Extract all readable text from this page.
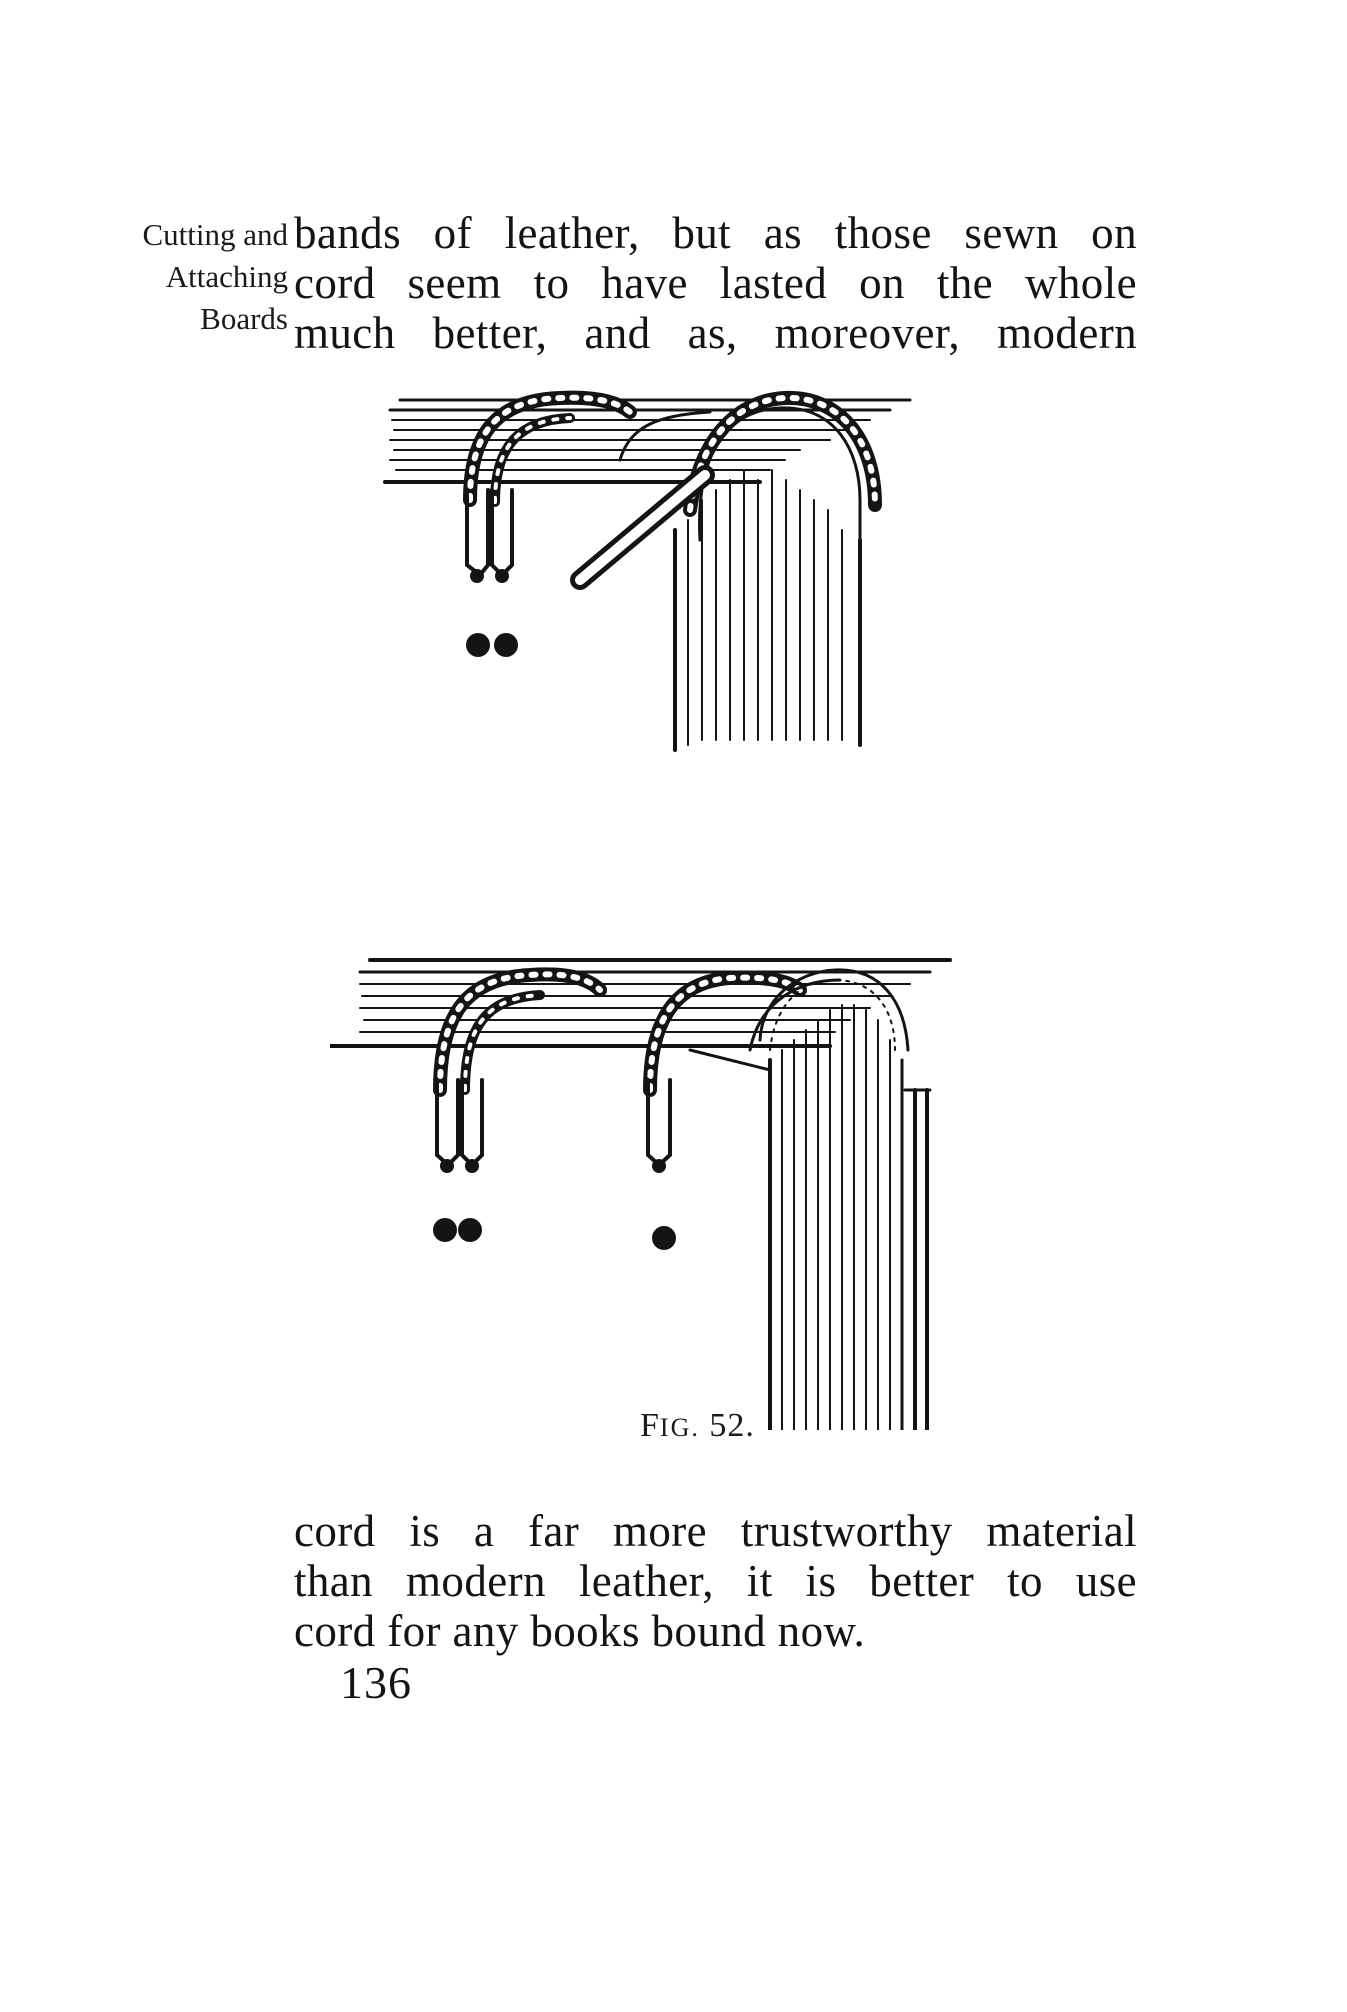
Cutting and
Attaching
Boards
bands of leather, but as those sewn on
cord seem to have lasted on the whole
much better, and as, moreover, modern
FIG. 52.
cord is a far more trustworthy material
than modern leather, it is better to use
cord for any books bound now.
136
